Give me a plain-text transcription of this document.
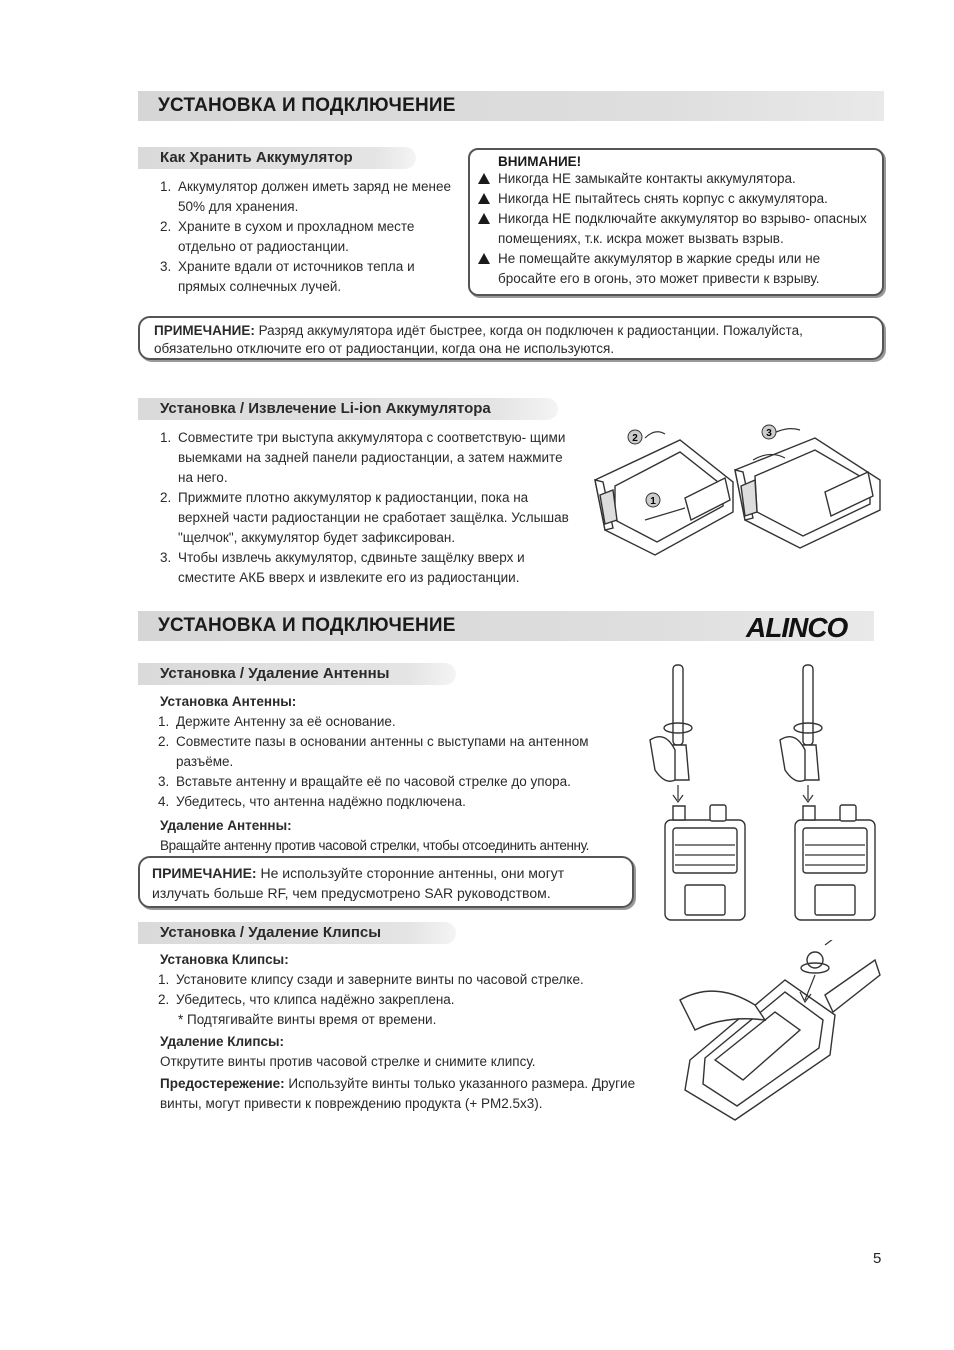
УСТАНОВКА И ПОДКЛЮЧЕНИЕ
Как Хранить Аккумулятор
1. Аккумулятор должен иметь заряд не менее 50% для хранения.
2. Храните в сухом и прохладном месте отдельно от радиостанции.
3. Храните вдали от источников тепла и прямых солнечных лучей.
ВНИМАНИЕ!
Никогда НЕ замыкайте контакты аккумулятора.
Никогда НЕ пытайтесь снять корпус с аккумулятора.
Никогда НЕ подключайте аккумулятор во взрыво- опасных помещениях, т.к. искра может вызвать взрыв.
Не помещайте аккумулятор в жаркие среды или не бросайте его в огонь, это может привести к взрыву.
ПРИМЕЧАНИЕ: Разряд аккумулятора идёт быстрее, когда он подключен к радиостанции. Пожалуйста, обязательно отключите его от радиостанции, когда она не используются.
Установка / Извлечение Li-ion Аккумулятора
1. Совместите три выступа аккумулятора с соответствую- щими выемками на задней панели радиостанции, а затем нажмите на него.
2. Прижмите плотно аккумулятор к радиостанции, пока на верхней части радиостанции не сработает защёлка. Услышав "щелчок", аккумулятор будет зафиксирован.
3. Чтобы извлечь аккумулятор, сдвиньте защёлку вверх и сместите АКБ вверх и извлеките его из радиостанции.
2
1
3
УСТАНОВКА И ПОДКЛЮЧЕНИЕ	ALINCO
Установка / Удаление Антенны

Установка Антенны:

1. Держите Антенну за её основание.
2. Совместите пазы в основании антенны с выступами на антенном разъёме.
3. Вставьте антенну и вращайте её по часовой стрелке до упора.
4. Убедитесь, что антенна надёжно подключена.

Удаление Антенны:

Вращайте антенну против часовой стрелки, чтобы отсоединить антенну.

ПРИМЕЧАНИЕ: Не используйте сторонние антенны, они могут излучать больше RF, чем предусмотрено SAR руководством.
Установка / Удаление Клипсы

Установка Клипсы:

1. Установите клипсу сзади и заверните винты по часовой стрелке.
2. Убедитесь, что клипса надёжно закреплена.

* Подтягивайте винты время от времени.

Удаление Клипсы:

Открутите винты против часовой стрелке и снимите клипсу.

Предостережение: Используйте винты только указанного размера. Другие винты, могут привести к повреждению продукта (+ PM2.5x3).

5
